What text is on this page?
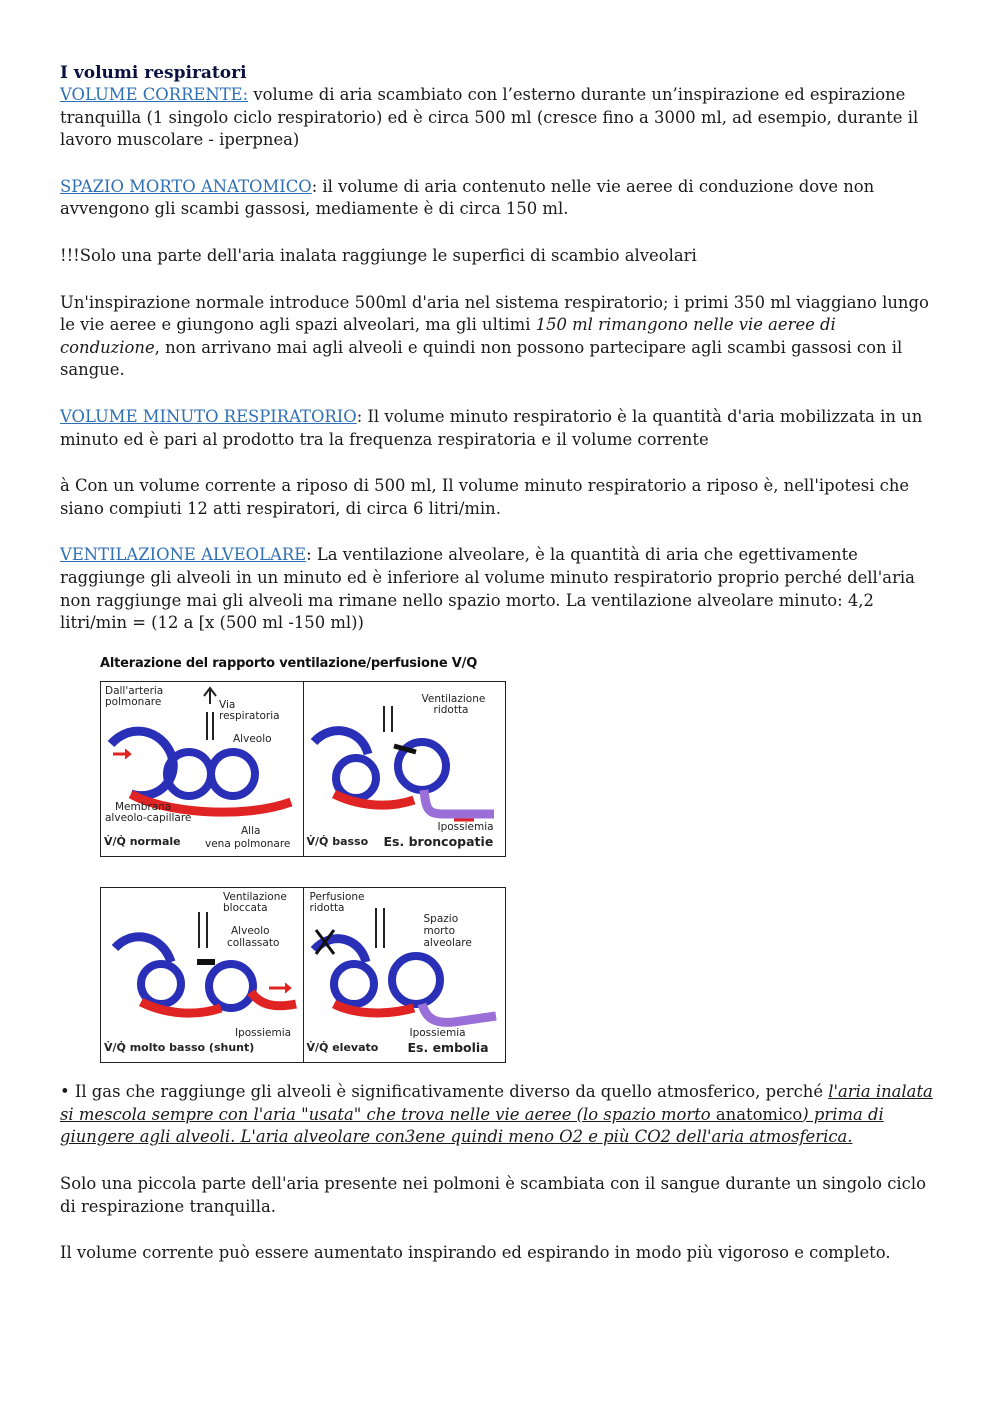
I volumi respiratori

VOLUME CORRENTE: volume di aria scambiato con l’esterno durante un’inspirazione ed espirazione tranquilla (1 singolo ciclo respiratorio) ed è circa 500 ml (cresce fino a 3000 ml, ad esempio, durante il lavoro muscolare - iperpnea)

SPAZIO MORTO ANATOMICO: il volume di aria contenuto nelle vie aeree di conduzione dove non avvengono gli scambi gassosi, mediamente è di circa 150 ml.

!!!Solo una parte dell'aria inalata raggiunge le superfici di scambio alveolari

Un'inspirazione normale introduce 500ml d'aria nel sistema respiratorio; i primi 350 ml viaggiano lungo le vie aeree e giungono agli spazi alveolari, ma gli ultimi 150 ml rimangono nelle vie aeree di conduzione, non arrivano mai agli alveoli e quindi non possono partecipare agli scambi gassosi con il sangue.

VOLUME MINUTO RESPIRATORIO: Il volume minuto respiratorio è la quantità d'aria mobilizzata in un minuto ed è pari al prodotto tra la frequenza respiratoria e il volume corrente

à Con un volume corrente a riposo di 500 ml, Il volume minuto respiratorio a riposo è, nell'ipotesi che siano compiuti 12 atti respiratori, di circa 6 litri/min.

VENTILAZIONE ALVEOLARE: La ventilazione alveolare, è la quantità di aria che egettivamente raggiunge gli alveoli in un minuto ed è inferiore al volume minuto respiratorio proprio perché dell'aria non raggiunge mai gli alveoli ma rimane nello spazio morto. La ventilazione alveolare minuto: 4,2 litri/min = (12 a [x (500 ml -150 ml))

Alterazione del rapporto ventilazione/perfusione V/Q
Dall'arteria
polmonare	Via
respiratoria
Alveolo
Membrana
alveolo-capillare
Alla
vena polmonare
V̇/Q̇ normale
Ventilazione
ridotta
Ipossiemia
V̇/Q̇ basso Es. broncopatie
Ventilazione
bloccata
Alveolo
collassato
Ipossiemia
V̇/Q̇ molto basso (shunt)
Perfusione
ridotta
Spazio
morto
alveolare
Ipossiemia
V̇/Q̇ elevato Es. embolia

• Il gas che raggiunge gli alveoli è significativamente diverso da quello atmosferico, perché l'aria inalata si mescola sempre con l'aria "usata" che trova nelle vie aeree (lo spazio morto anatomico) prima di giungere agli alveoli. L'aria alveolare con3ene quindi meno O2 e più CO2 dell'aria atmosferica.

Solo una piccola parte dell'aria presente nei polmoni è scambiata con il sangue durante un singolo ciclo di respirazione tranquilla.

Il volume corrente può essere aumentato inspirando ed espirando in modo più vigoroso e completo.
